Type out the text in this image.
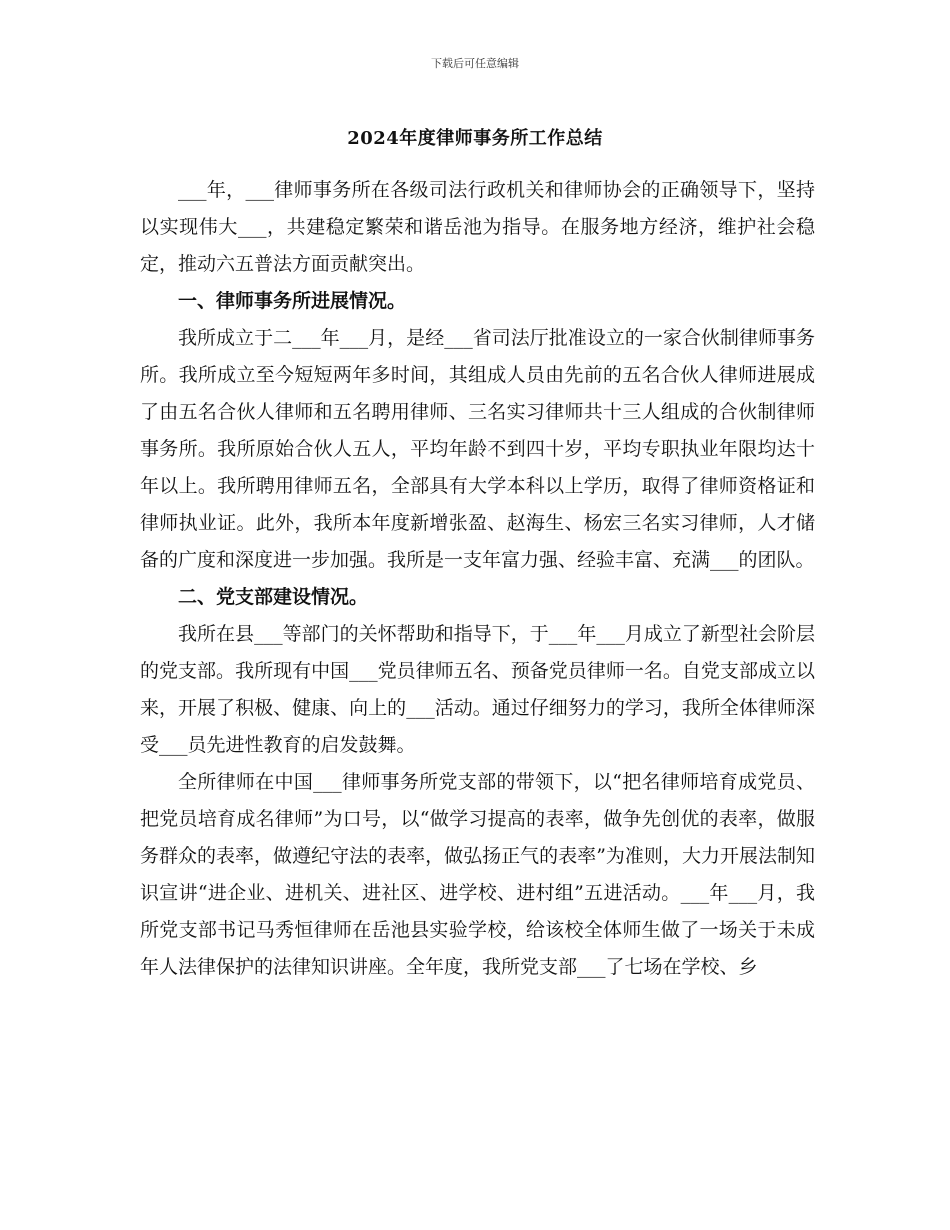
下载后可任意编辑
2024年度律师事务所工作总结

___年，___律师事务所在各级司法行政机关和律师协会的正确领导下，坚持以实现伟大___，共建稳定繁荣和谐岳池为指导。在服务地方经济，维护社会稳定，推动六五普法方面贡献突出。

一、律师事务所进展情况。

我所成立于二___年___月，是经___省司法厅批准设立的一家合伙制律师事务所。我所成立至今短短两年多时间，其组成人员由先前的五名合伙人律师进展成了由五名合伙人律师和五名聘用律师、三名实习律师共十三人组成的合伙制律师事务所。我所原始合伙人五人，平均年龄不到四十岁，平均专职执业年限均达十年以上。我所聘用律师五名，全部具有大学本科以上学历，取得了律师资格证和律师执业证。此外，我所本年度新增张盈、赵海生、杨宏三名实习律师，人才储备的广度和深度进一步加强。我所是一支年富力强、经验丰富、充满___的团队。

二、党支部建设情况。

我所在县___等部门的关怀帮助和指导下，于___年___月成立了新型社会阶层的党支部。我所现有中国___党员律师五名、预备党员律师一名。自党支部成立以来，开展了积极、健康、向上的___活动。通过仔细努力的学习，我所全体律师深受___员先进性教育的启发鼓舞。

全所律师在中国___律师事务所党支部的带领下，以“把名律师培育成党员、把党员培育成名律师”为口号，以“做学习提高的表率，做争先创优的表率，做服务群众的表率，做遵纪守法的表率，做弘扬正气的表率”为准则，大力开展法制知识宣讲“进企业、进机关、进社区、进学校、进村组”五进活动。___年___月，我所党支部书记马秀恒律师在岳池县实验学校，给该校全体师生做了一场关于未成年人法律保护的法律知识讲座。全年度，我所党支部___了七场在学校、乡
